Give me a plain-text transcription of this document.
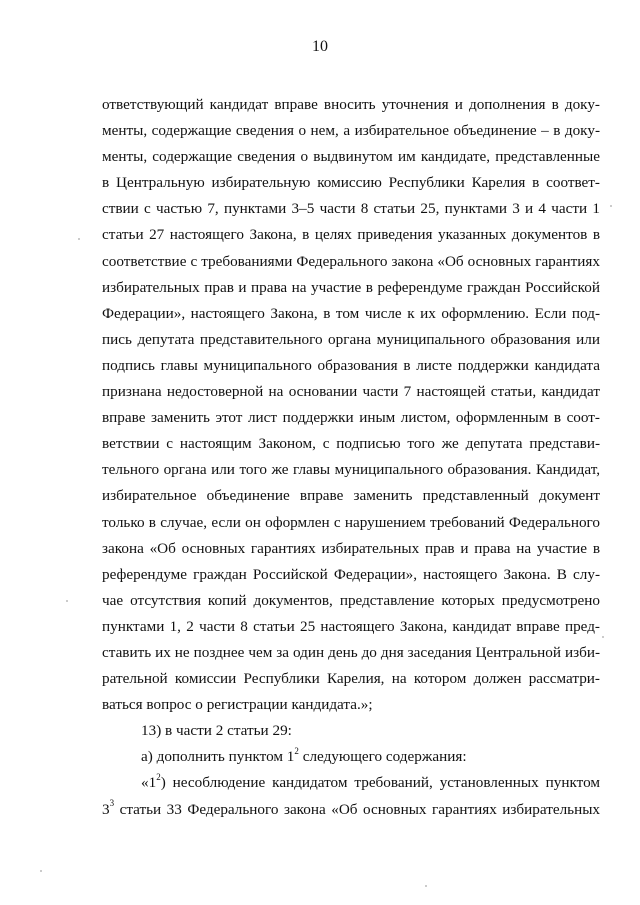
10
ответствующий кандидат вправе вносить уточнения и дополнения в доку-
менты, содержащие сведения о нем, а избирательное объединение – в доку-
менты, содержащие сведения о выдвинутом им кандидате, представленные
в Центральную избирательную комиссию Республики Карелия в соответ-
ствии с частью 7, пунктами 3–5 части 8 статьи 25, пунктами 3 и 4 части 1
статьи 27 настоящего Закона, в целях приведения указанных документов в
соответствие с требованиями Федерального закона «Об основных гарантиях
избирательных прав и права на участие в референдуме граждан Российской
Федерации», настоящего Закона, в том числе к их оформлению. Если под-
пись депутата представительного органа муниципального образования или
подпись главы муниципального образования в листе поддержки кандидата
признана недостоверной на основании части 7 настоящей статьи, кандидат
вправе заменить этот лист поддержки иным листом, оформленным в соот-
ветствии с настоящим Законом, с подписью того же депутата представи-
тельного органа или того же главы муниципального образования. Кандидат,
избирательное объединение вправе заменить представленный документ
только в случае, если он оформлен с нарушением требований Федерального
закона «Об основных гарантиях избирательных прав и права на участие в
референдуме граждан Российской Федерации», настоящего Закона. В слу-
чае отсутствия копий документов, представление которых предусмотрено
пунктами 1, 2 части 8 статьи 25 настоящего Закона, кандидат вправе пред-
ставить их не позднее чем за один день до дня заседания Центральной изби-
рательной комиссии Республики Карелия, на котором должен рассматри-
ваться вопрос о регистрации кандидата.»;
13) в части 2 статьи 29:
а) дополнить пунктом $1^2$ следующего содержания:
«$1^2$) несоблюдение кандидатом требований, установленных пунктом
$3^3$ статьи 33 Федерального закона «Об основных гарантиях избирательных
